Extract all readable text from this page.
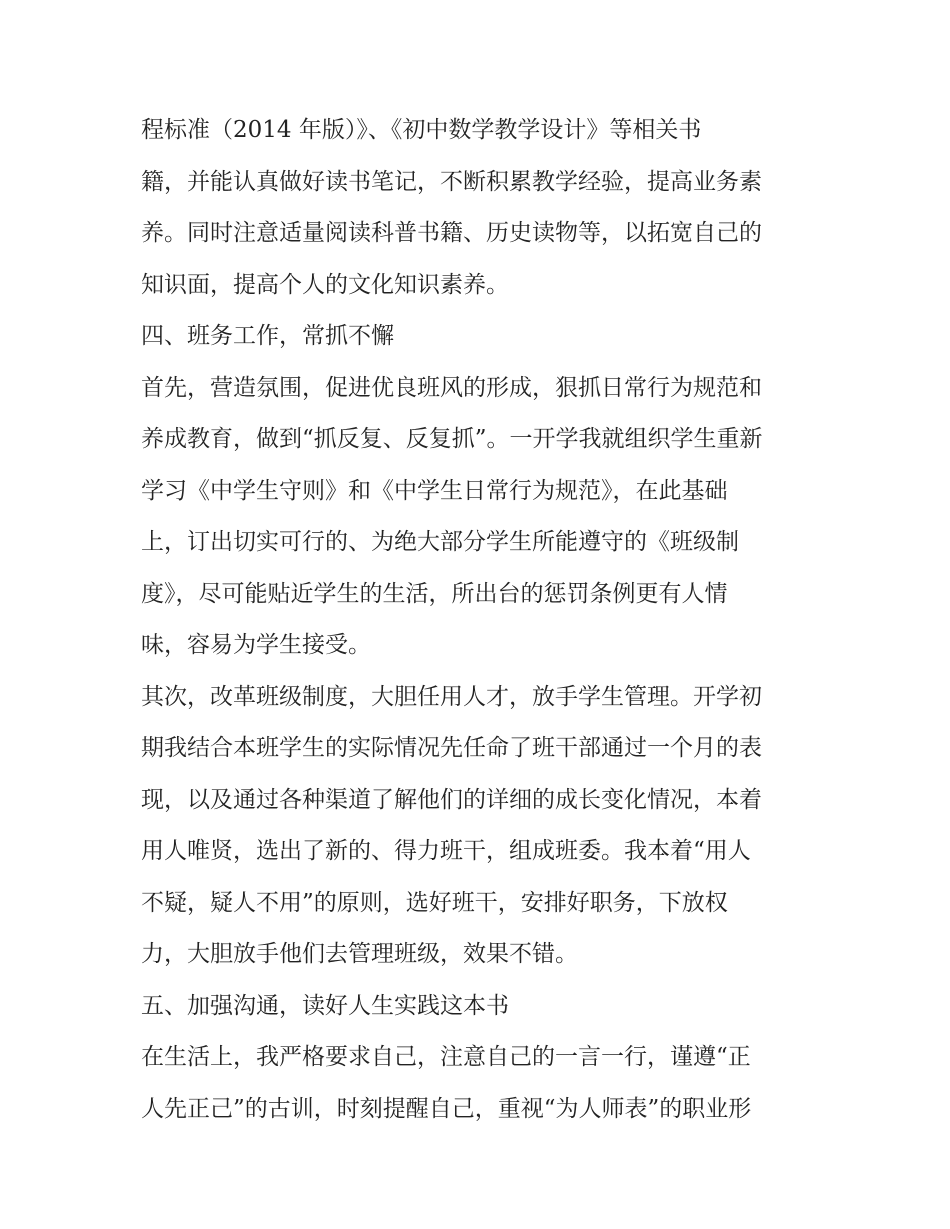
程标准（2014 年版）》、《初中数学教学设计》等相关书
籍，并能认真做好读书笔记，不断积累教学经验，提高业务素
养。同时注意适量阅读科普书籍、历史读物等，以拓宽自己的
知识面，提高个人的文化知识素养。
四、班务工作，常抓不懈
首先，营造氛围，促进优良班风的形成，狠抓日常行为规范和
养成教育，做到“抓反复、反复抓”。一开学我就组织学生重新
学习《中学生守则》和《中学生日常行为规范》，在此基础
上，订出切实可行的、为绝大部分学生所能遵守的《班级制
度》，尽可能贴近学生的生活，所出台的惩罚条例更有人情
味，容易为学生接受。
其次，改革班级制度，大胆任用人才，放手学生管理。开学初
期我结合本班学生的实际情况先任命了班干部通过一个月的表
现，以及通过各种渠道了解他们的详细的成长变化情况，本着
用人唯贤，选出了新的、得力班干，组成班委。我本着“用人
不疑，疑人不用”的原则，选好班干，安排好职务，下放权
力，大胆放手他们去管理班级，效果不错。
五、加强沟通，读好人生实践这本书
在生活上，我严格要求自己，注意自己的一言一行，谨遵“正
人先正己”的古训，时刻提醒自己，重视“为人师表”的职业形
